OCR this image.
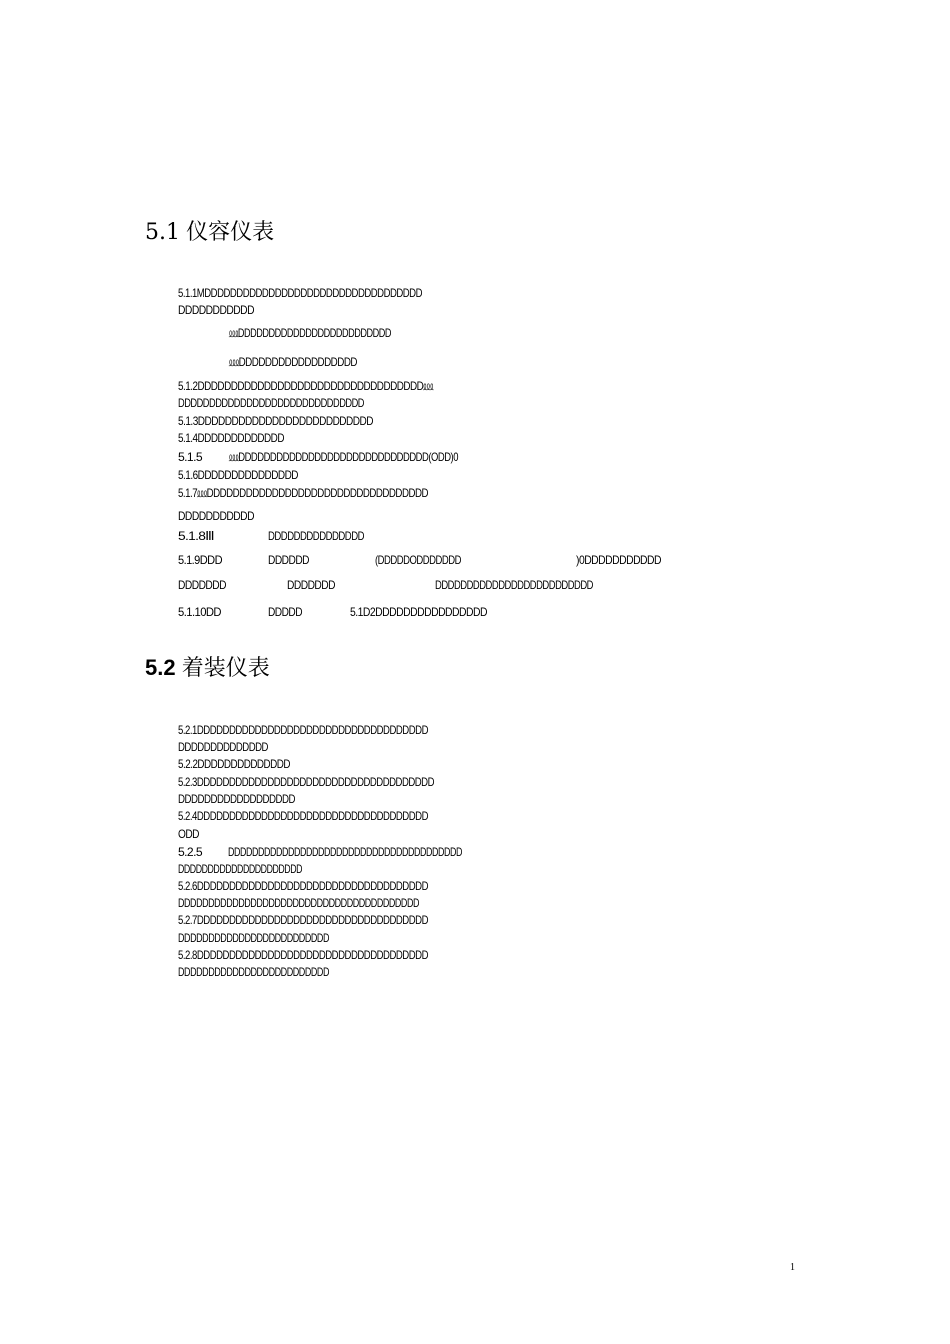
5.1 仪容仪表
5.1.1MDDDDDDDDDDDDDDDDDDDDDDDDDDDDDDDDDD
DDDDDDDDDDD
⅏DDDDDDDDDDDDDDDDDDDDDDDDD
⅏DDDDDDDDDDDDDDDDDD
5.1.2DDDDDDDDDDDDDDDDDDDDDDDDDDDDDDDDDD⅏
DDDDDDDDDDDDDDDDDDDDDDDDDDDDDD
5.1.3DDDDDDDDDDDDDDDDDDDDDDDDDD
5.1.4DDDDDDDDDDDDD
5.1.5 ⅏DDDDDDDDDDDDDDDDDDDDDDDDDDDDDD(ODD)0
5.1.6DDDDDDDDDDDDDDD
5.1.7⅏DDDDDDDDDDDDDDDDDDDDDDDDDDDDDDDDDD
DDDDDDDDDDD
5.1.8Ⅲ	DDDDDDDDDDDDDDD
5.1.9DDD	DDDDDD	(DDDDDODDDDDDD	)0DDDDDDDDDDD
DDDDDDD	DDDDDDD	DDDDDDDDDDDDDDDDDDDDDDDDD
5.1.10DD	DDDDD	5.1D2DDDDDDDDDDDDDDDD
5.2 着装仪表
5.2.1DDDDDDDDDDDDDDDDDDDDDDDDDDDDDDDDDDDD
DDDDDDDDDDDDDD
5.2.2DDDDDDDDDDDDDD
5.2.3DDDDDDDDDDDDDDDDDDDDDDDDDDDDDDDDDDDDD
DDDDDDDDDDDDDDDDDD
5.2.4DDDDDDDDDDDDDDDDDDDDDDDDDDDDDDDDDDDD
ODD
5.2.5 DDDDDDDDDDDDDDDDDDDDDDDDDDDDDDDDDDDDDDD
DDDDDDDDDDDDDDDDDDDDD
5.2.6DDDDDDDDDDDDDDDDDDDDDDDDDDDDDDDDDDDD
DDDDDDDDDDDDDDDDDDDDDDDDDDDDDDDDDDDDDDDD
5.2.7DDDDDDDDDDDDDDDDDDDDDDDDDDDDDDDDDDDD
DDDDDDDDDDDDDDDDDDDDDDDDD
5.2.8DDDDDDDDDDDDDDDDDDDDDDDDDDDDDDDDDDDD
DDDDDDDDDDDDDDDDDDDDDDDDD
1
